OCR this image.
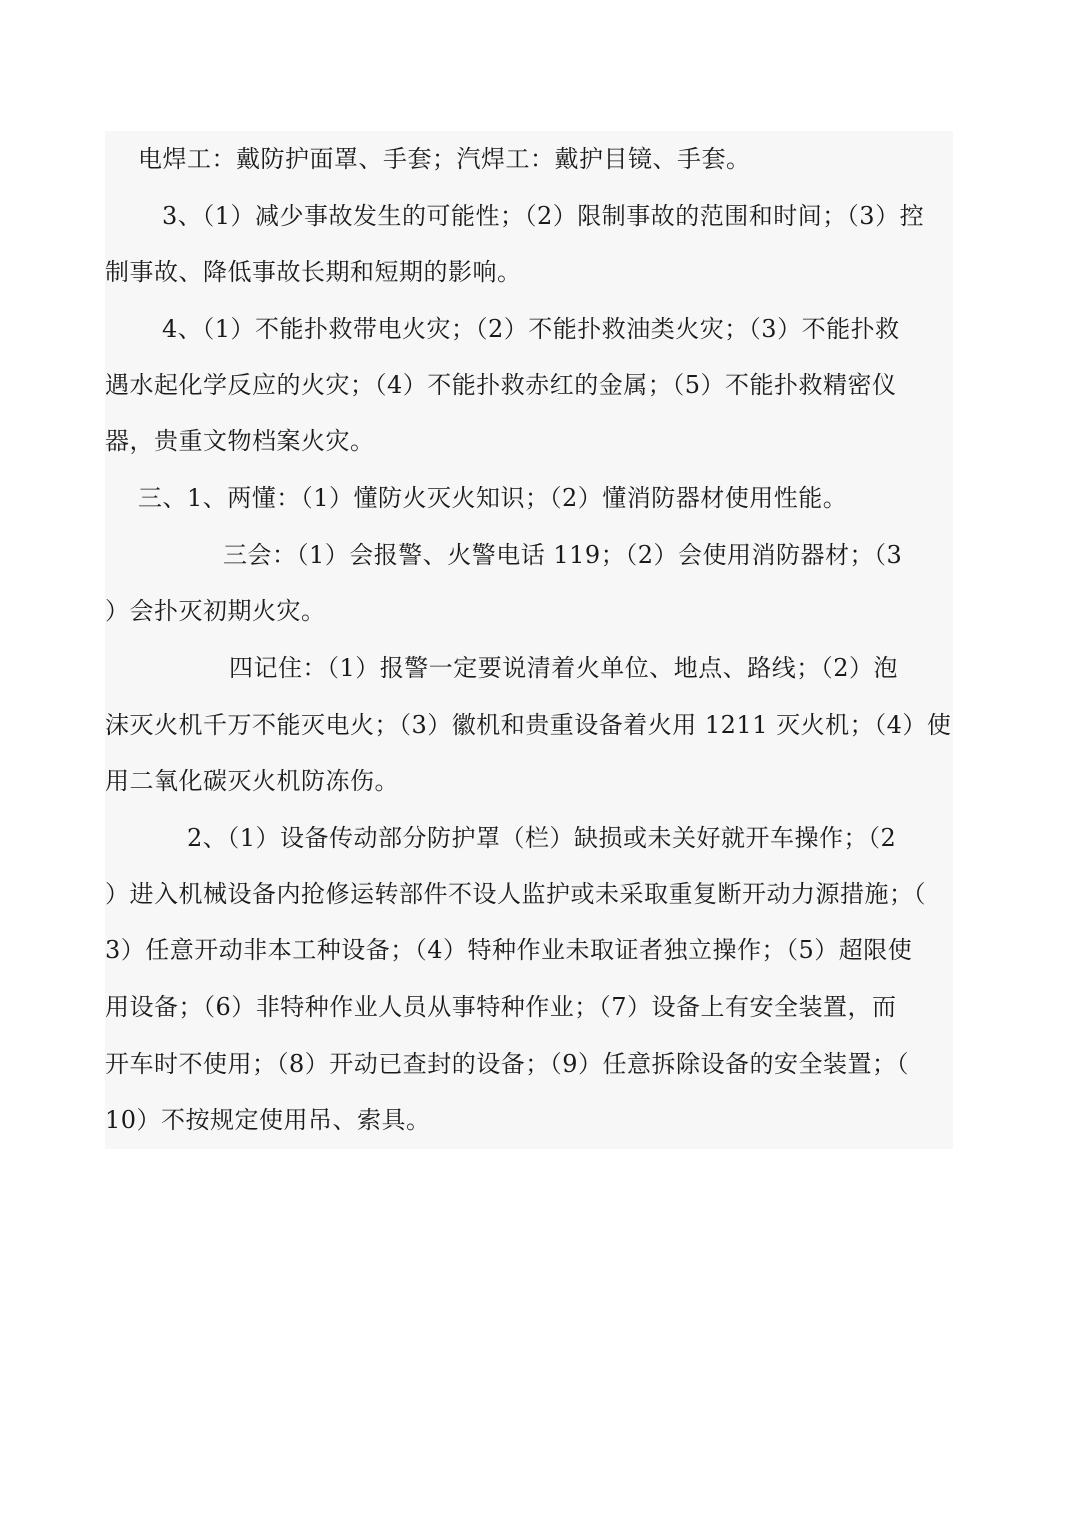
电焊工：戴防护面罩、手套；汽焊工：戴护目镜、手套。
3、（1）减少事故发生的可能性；（2）限制事故的范围和时间；（3）控
制事故、降低事故长期和短期的影响。
4、（1）不能扑救带电火灾；（2）不能扑救油类火灾；（3）不能扑救
遇水起化学反应的火灾；（4）不能扑救赤红的金属；（5）不能扑救精密仪
器，贵重文物档案火灾。
三、1、两懂：（1）懂防火灭火知识；（2）懂消防器材使用性能。
三会：（1）会报警、火警电话 119；（2）会使用消防器材；（3
）会扑灭初期火灾。
四记住：（1）报警一定要说清着火单位、地点、路线；（2）泡
沫灭火机千万不能灭电火；（3）徽机和贵重设备着火用 1211 灭火机；（4）使
用二氧化碳灭火机防冻伤。
2、（1）设备传动部分防护罩（栏）缺损或未关好就开车操作；（2
）进入机械设备内抢修运转部件不设人监护或未采取重复断开动力源措施；（
3）任意开动非本工种设备；（4）特种作业未取证者独立操作；（5）超限使
用设备；（6）非特种作业人员从事特种作业；（7）设备上有安全装置，而
开车时不使用；（8）开动已查封的设备；（9）任意拆除设备的安全装置；（
10）不按规定使用吊、索具。
